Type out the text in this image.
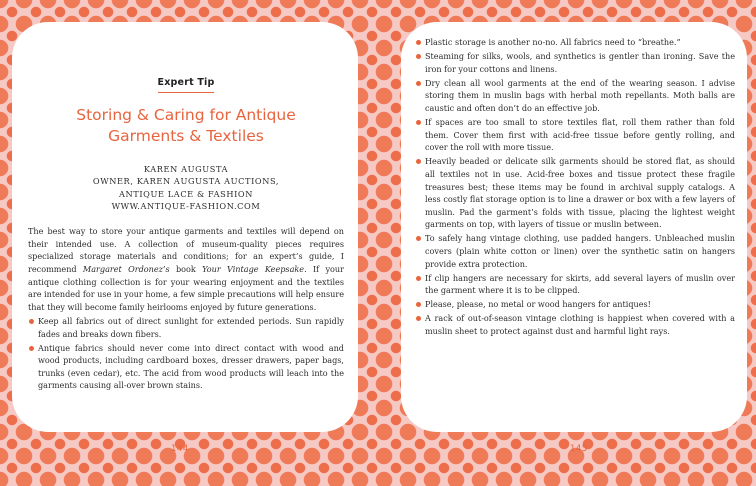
Expert Tip
Storing & Caring for Antique
Garments & Textiles
KAREN AUGUSTA
OWNER, KAREN AUGUSTA AUCTIONS,
ANTIQUE LACE & FASHION
WWW.ANTIQUE-FASHION.COM

The best way to store your antique garments and textiles will depend on their intended use. A collection of museum-quality pieces requires specialized storage materials and conditions; for an expert’s guide, I recommend Margaret Ordonez’s book Your Vintage Keepsake. If your antique clothing collection is for your wearing enjoyment and the textiles are intended for use in your home, a few simple precautions will help ensure that they will become family heirlooms enjoyed by future generations.

Keep all fabrics out of direct sunlight for extended periods. Sun rapidly fades and breaks down fibers.
Antique fabrics should never come into direct contact with wood and wood products, including cardboard boxes, dresser drawers, paper bags, trunks (even cedar), etc. The acid from wood products will leach into the garments causing all-over brown stains.
Plastic storage is another no-no. All fabrics need to “breathe.”
Steaming for silks, wools, and synthetics is gentler than ironing. Save the iron for your cottons and linens.
Dry clean all wool garments at the end of the wearing season. I advise storing them in muslin bags with herbal moth repellants. Moth balls are caustic and often don’t do an effective job.
If spaces are too small to store textiles flat, roll them rather than fold them. Cover them first with acid-free tissue before gently rolling, and cover the roll with more tissue.
Heavily beaded or delicate silk garments should be stored flat, as should all textiles not in use. Acid-free boxes and tissue protect these fragile treasures best; these items may be found in archival supply catalogs. A less costly flat storage option is to line a drawer or box with a few layers of muslin. Pad the garment’s folds with tissue, placing the lightest weight garments on top, with layers of tissue or muslin between.
To safely hang vintage clothing, use padded hangers. Unbleached muslin covers (plain white cotton or linen) over the synthetic satin on hangers provide extra protection.
If clip hangers are necessary for skirts, add several layers of muslin over the garment where it is to be clipped.
Please, please, no metal or wood hangers for antiques!
A rack of out-of-season vintage clothing is happiest when covered with a muslin sheet to protect against dust and harmful light rays.
144	145
